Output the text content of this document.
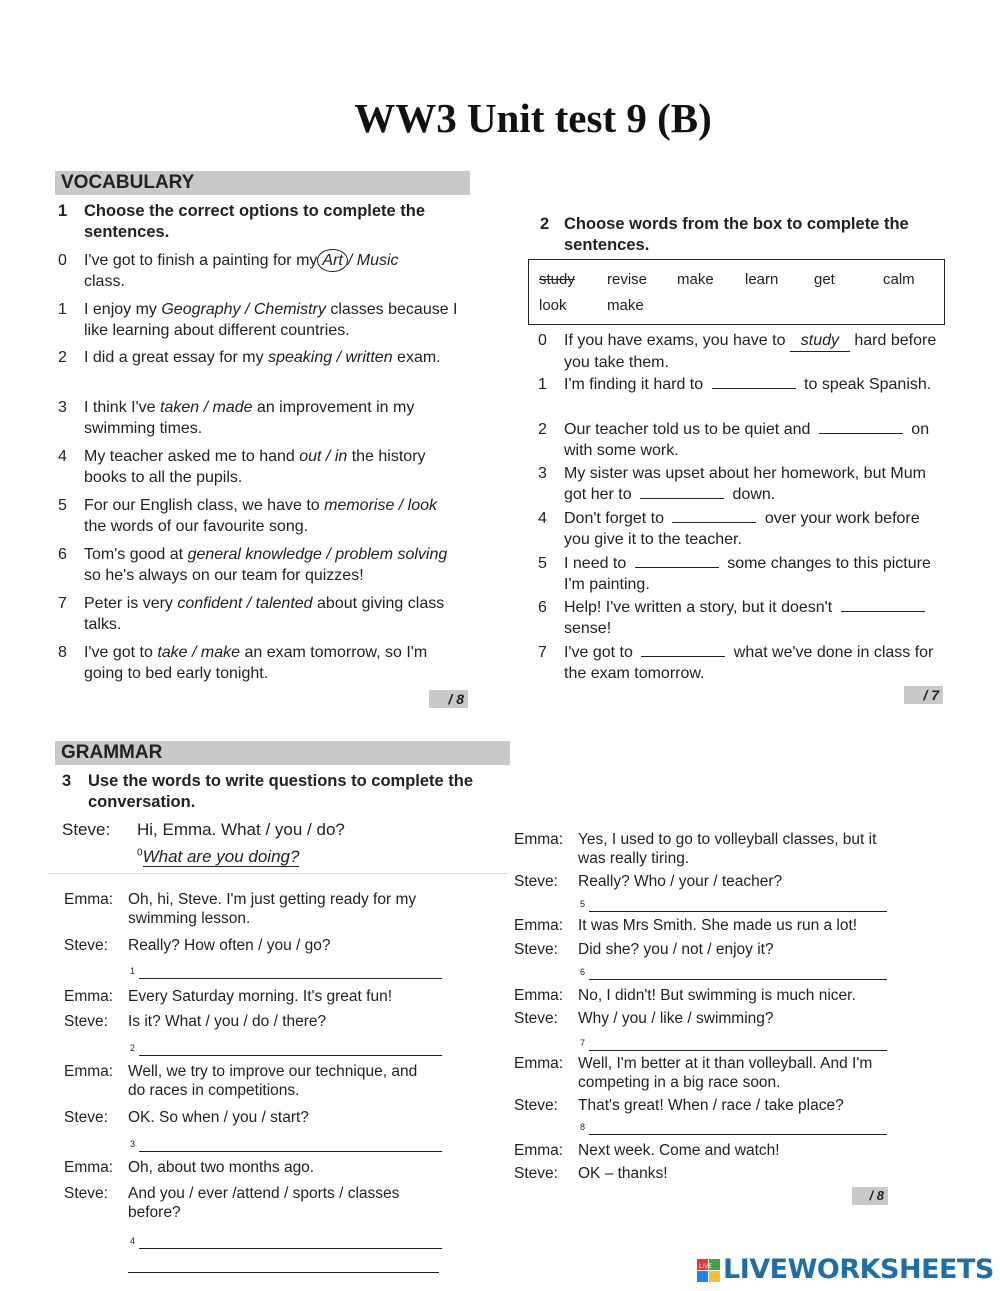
WW3 Unit test 9 (B)
VOCABULARY
1 Choose the correct options to complete the sentences.
0 I've got to finish a painting for my Art / Music
class.
1 I enjoy my Geography / Chemistry classes because I like learning about different countries.
2 I did a great essay for my speaking / written exam.
3 I think I've taken / made an improvement in my swimming times.
4 My teacher asked me to hand out / in the history books to all the pupils.
5 For our English class, we have to memorise / look the words of our favourite song.
6 Tom's good at general knowledge / problem solving so he's always on our team for quizzes!
7 Peter is very confident / talented about giving class talks.
8 I've got to take / make an exam tomorrow, so I'm going to bed early tonight.
/ 8
2 Choose words from the box to complete the sentences.
study revise make learn get	calm
look	make
0 If you have exams, you have to study hard before you take them.
1 I'm finding it hard to	to speak Spanish.
2 Our teacher told us to be quiet and	on with some work.
3 My sister was upset about her homework, but Mum got her to	down.
4 Don't forget to	over your work before you give it to the teacher.
5 I need to	some changes to this picture I'm painting.
6 Help! I've written a story, but it doesn't  sense!
7 I've got to	what we've done in class for the exam tomorrow.
/ 7
GRAMMAR
3 Use the words to write questions to complete the conversation.
Steve: Hi, Emma. What / you / do?
$^0$What are you doing?
Emma: Oh, hi, Steve. I'm just getting ready for my swimming lesson.
Steve: Really? How often / you / go?
1
Emma: Every Saturday morning. It's great fun!
Steve: Is it? What / you / do / there?
2
Emma: Well, we try to improve our technique, and do races in competitions.
Steve: OK. So when / you / start?
3
Emma: Oh, about two months ago.
Steve: And you / ever /attend / sports / classes before?
4
Emma: Yes, I used to go to volleyball classes, but it was really tiring.
Steve: Really? Who / your / teacher?
5
Emma: It was Mrs Smith. She made us run a lot!
Steve: Did she? you / not / enjoy it?
6
Emma: No, I didn't! But swimming is much nicer.
Steve: Why / you / like / swimming?
7
Emma: Well, I'm better at it than volleyball. And I'm competing in a big race soon.
Steve: That's great! When / race / take place?
8
Emma: Next week. Come and watch!
Steve: OK – thanks!
/ 8
LIVE LIVEWORKSHEETS
